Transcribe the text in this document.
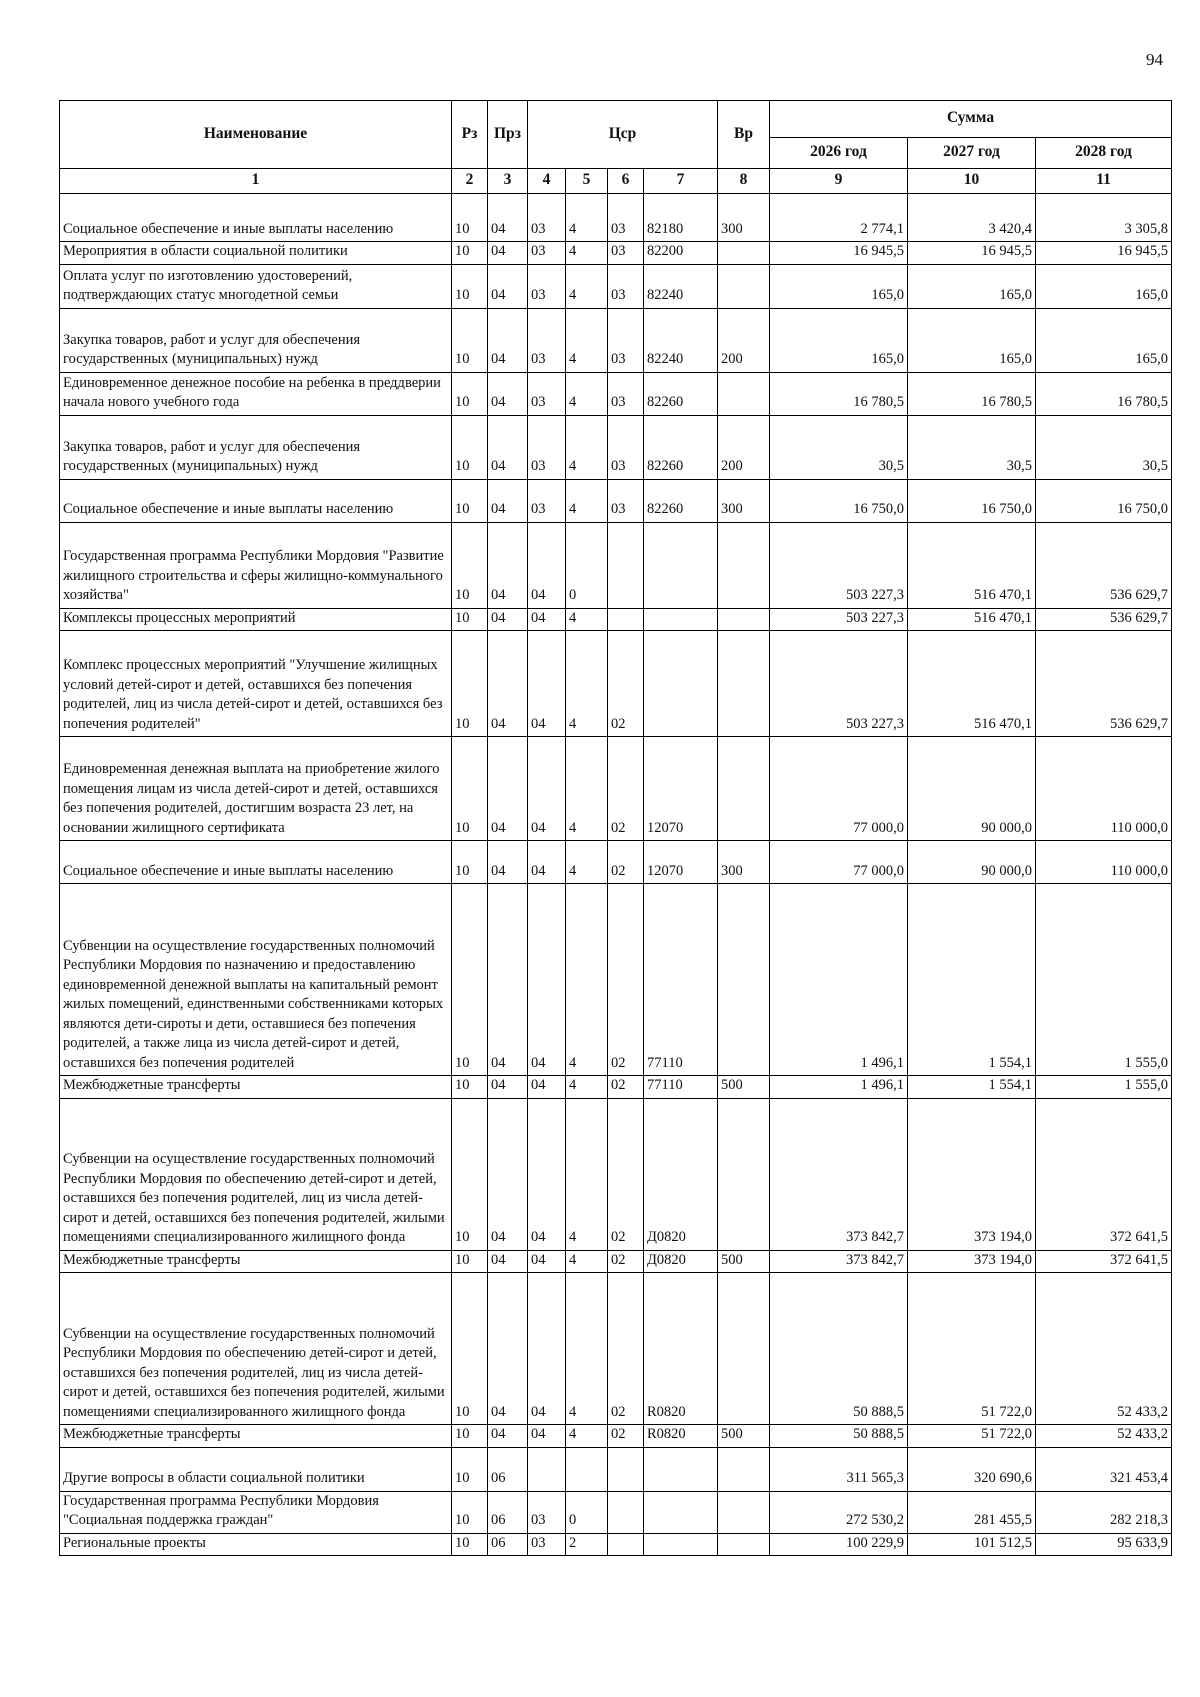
94
Наименование	Рз	Прз	Цср				Вр	Сумма		
								2026 год	2027 год	2028 год
1	2	3	4	5	6	7	8	9	10	11
Социальное обеспечение и иные выплаты населению	10	04	03	4	03	82180	300	2 774,1	3 420,4	3 305,8
Мероприятия в области социальной политики	10	04	03	4	03	82200		16 945,5	16 945,5	16 945,5
Оплата услуг по изготовлению удостоверений, подтверждающих статус многодетной семьи	10	04	03	4	03	82240		165,0	165,0	165,0
Закупка товаров, работ и услуг для обеспечения государственных (муниципальных) нужд	10	04	03	4	03	82240	200	165,0	165,0	165,0
Единовременное денежное пособие на ребенка в преддверии начала нового учебного года	10	04	03	4	03	82260		16 780,5	16 780,5	16 780,5
Закупка товаров, работ и услуг для обеспечения государственных (муниципальных) нужд	10	04	03	4	03	82260	200	30,5	30,5	30,5
Социальное обеспечение и иные выплаты населению	10	04	03	4	03	82260	300	16 750,0	16 750,0	16 750,0
Государственная программа Республики Мордовия "Развитие жилищного строительства и сферы жилищно-коммунального хозяйства"	10	04	04	0				503 227,3	516 470,1	536 629,7
Комплексы процессных мероприятий	10	04	04	4				503 227,3	516 470,1	536 629,7
Комплекс процессных мероприятий "Улучшение жилищных условий детей-сирот и детей, оставшихся без попечения родителей, лиц из числа детей-сирот и детей, оставшихся без попечения родителей"	10	04	04	4	02			503 227,3	516 470,1	536 629,7
Единовременная денежная выплата на приобретение жилого помещения лицам из числа детей-сирот и детей, оставшихся без попечения родителей, достигшим возраста 23 лет, на основании жилищного сертификата	10	04	04	4	02	12070		77 000,0	90 000,0	110 000,0
Социальное обеспечение и иные выплаты населению	10	04	04	4	02	12070	300	77 000,0	90 000,0	110 000,0
Субвенции на осуществление государственных полномочий Республики Мордовия по назначению и предоставлению единовременной денежной выплаты на капитальный ремонт жилых помещений, единственными собственниками которых являются дети-сироты и дети, оставшиеся без попечения родителей, а также лица из числа детей-сирот и детей, оставшихся без попечения родителей	10	04	04	4	02	77110		1 496,1	1 554,1	1 555,0
Межбюджетные трансферты	10	04	04	4	02	77110	500	1 496,1	1 554,1	1 555,0
Субвенции на осуществление государственных полномочий Республики Мордовия по обеспечению детей-сирот и детей, оставшихся без попечения родителей, лиц из числа детей-сирот и детей, оставшихся без попечения родителей, жилыми помещениями специализированного жилищного фонда	10	04	04	4	02	Д0820		373 842,7	373 194,0	372 641,5
Межбюджетные трансферты	10	04	04	4	02	Д0820	500	373 842,7	373 194,0	372 641,5
Субвенции на осуществление государственных полномочий Республики Мордовия по обеспечению детей-сирот и детей, оставшихся без попечения родителей, лиц из числа детей-сирот и детей, оставшихся без попечения родителей, жилыми помещениями специализированного жилищного фонда	10	04	04	4	02	R0820		50 888,5	51 722,0	52 433,2
Межбюджетные трансферты	10	04	04	4	02	R0820	500	50 888,5	51 722,0	52 433,2
Другие вопросы в области социальной политики	10	06						311 565,3	320 690,6	321 453,4
Государственная программа Республики Мордовия "Социальная поддержка граждан"	10	06	03	0				272 530,2	281 455,5	282 218,3
Региональные проекты	10	06	03	2				100 229,9	101 512,5	95 633,9
